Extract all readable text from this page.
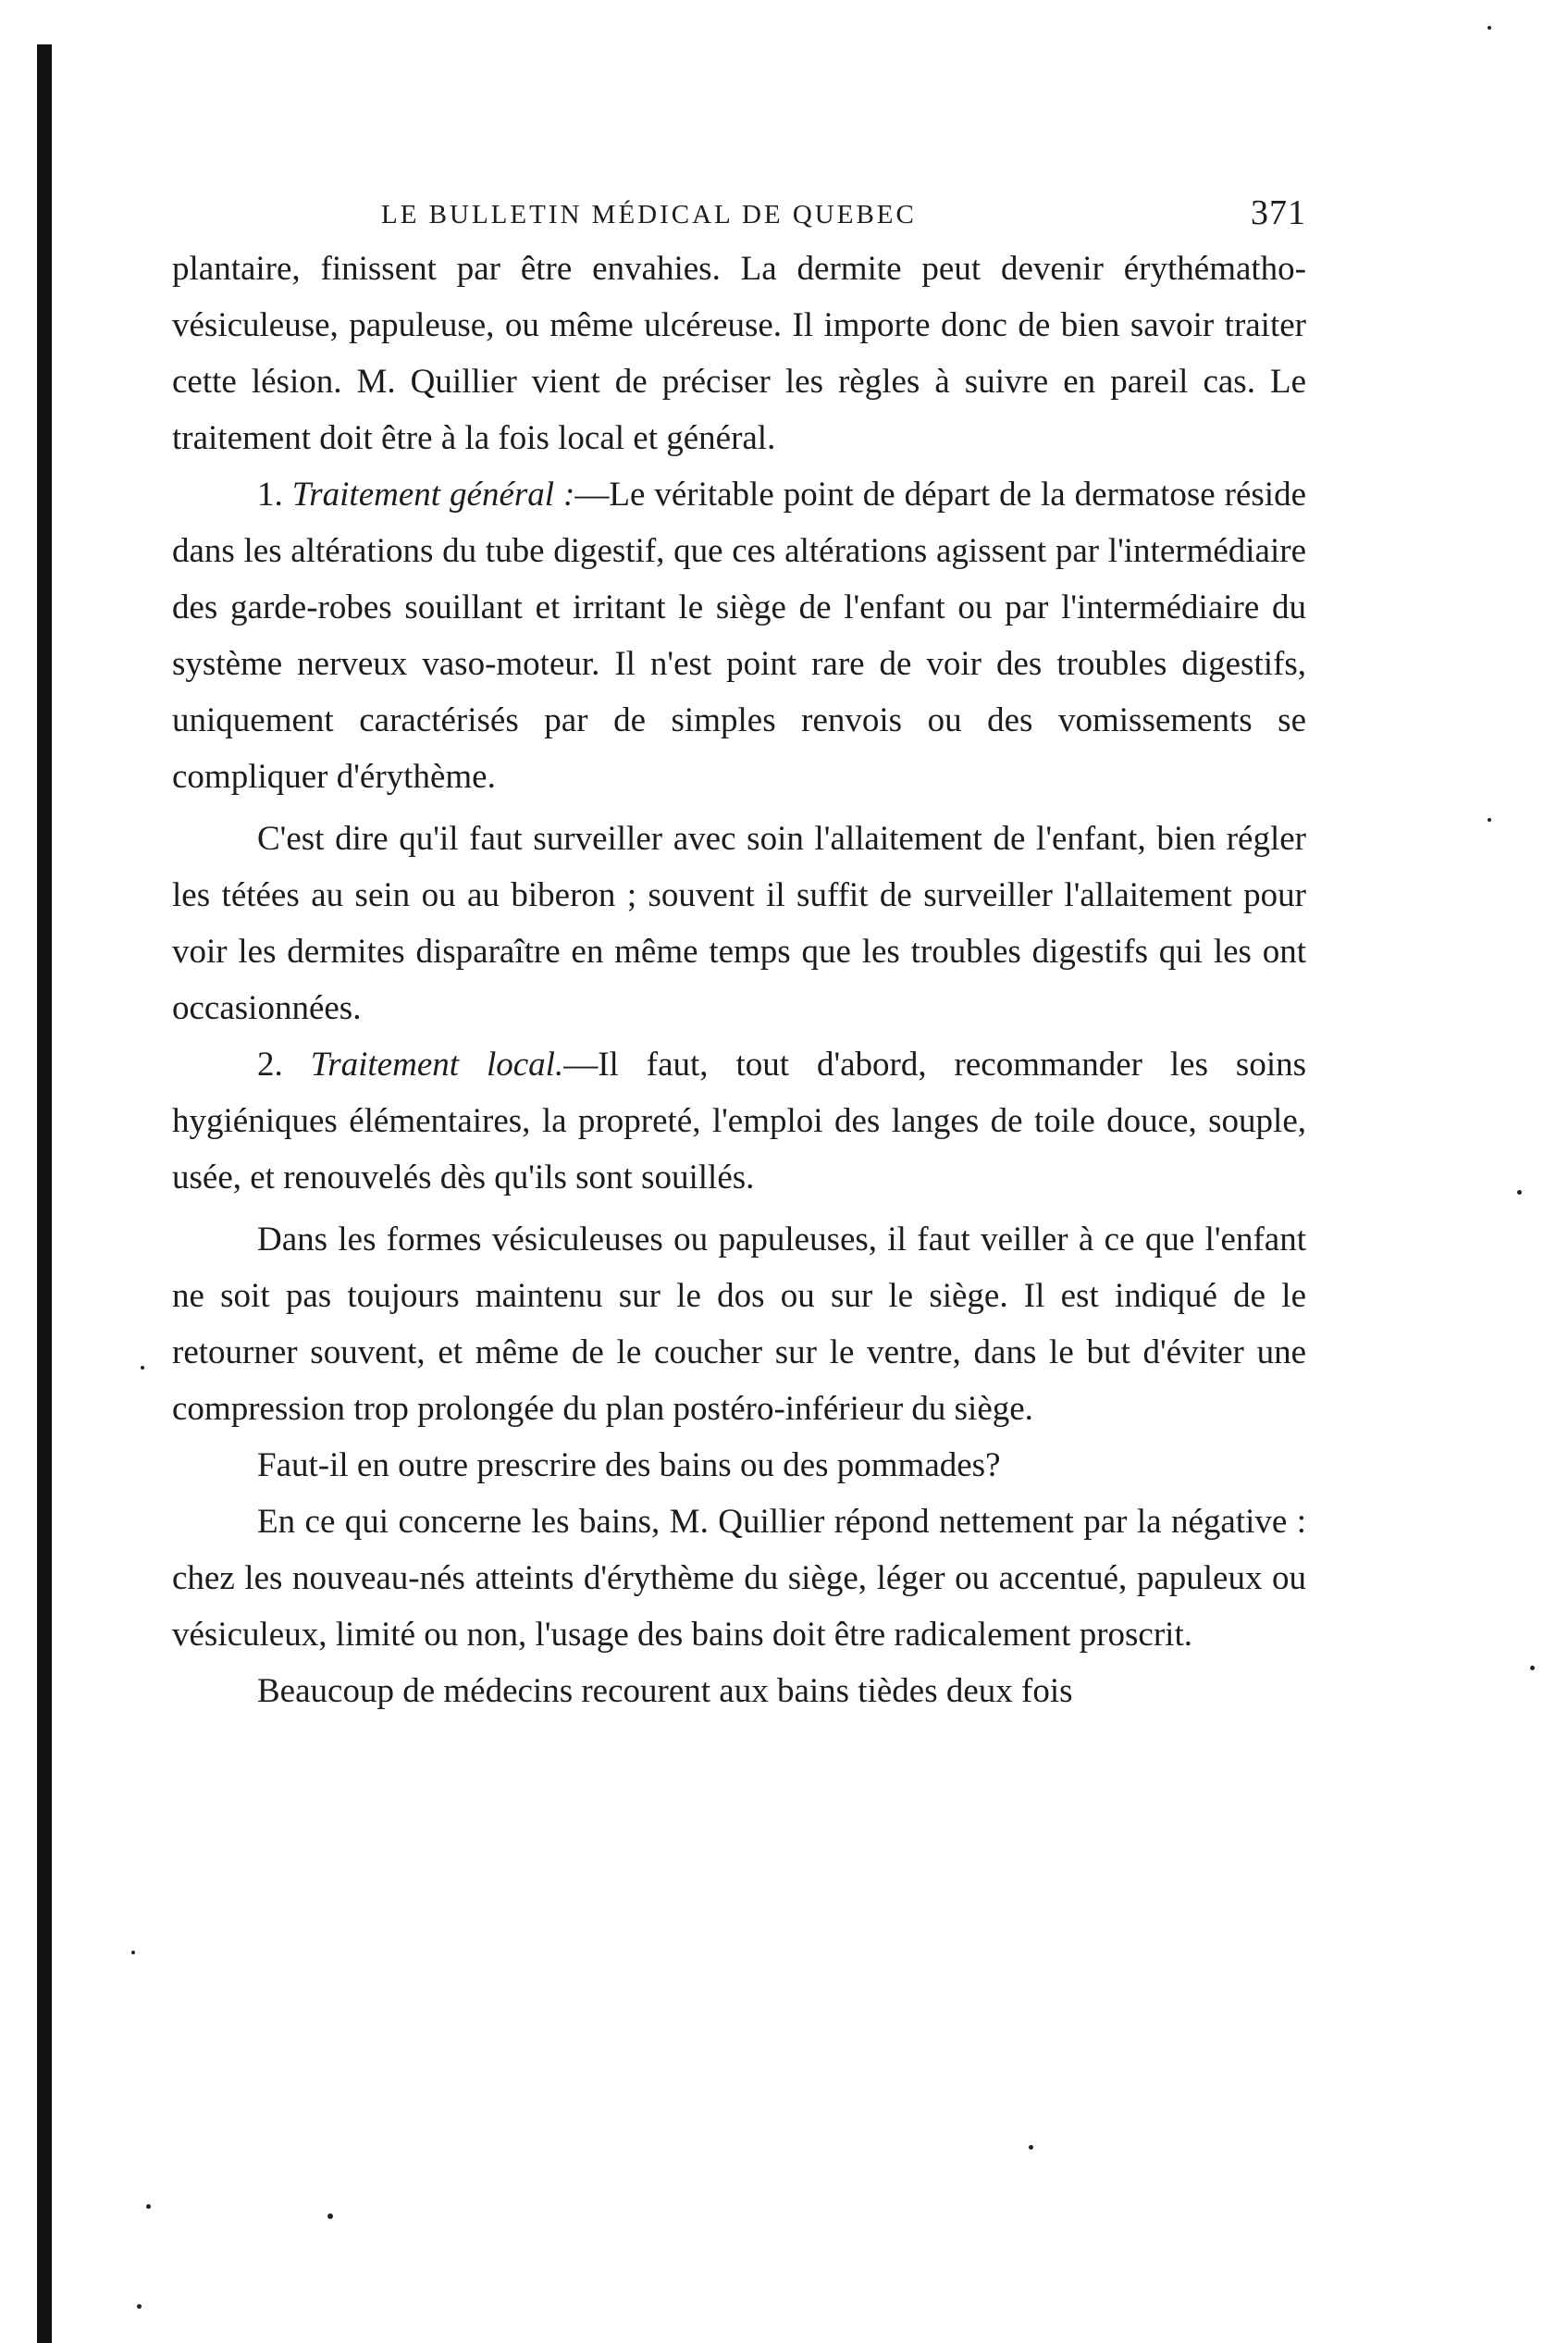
LE BULLETIN MÉDICAL DE QUEBEC	371

plantaire, finissent par être envahies. La dermite peut devenir érythématho-vésiculeuse, papuleuse, ou même ulcéreuse. Il importe donc de bien savoir traiter cette lésion. M. Quillier vient de préciser les règles à suivre en pareil cas. Le traitement doit être à la fois local et général.

1. Traitement général :—Le véritable point de départ de la dermatose réside dans les altérations du tube digestif, que ces altérations agissent par l'intermédiaire des garde-robes souillant et irritant le siège de l'enfant ou par l'intermédiaire du système nerveux vaso-moteur. Il n'est point rare de voir des troubles digestifs, uniquement caractérisés par de simples renvois ou des vomissements se compliquer d'érythème.

C'est dire qu'il faut surveiller avec soin l'allaitement de l'enfant, bien régler les tétées au sein ou au biberon ; souvent il suffit de surveiller l'allaitement pour voir les dermites disparaître en même temps que les troubles digestifs qui les ont occasionnées.

2. Traitement local.—Il faut, tout d'abord, recommander les soins hygiéniques élémentaires, la propreté, l'emploi des langes de toile douce, souple, usée, et renouvelés dès qu'ils sont souillés.

Dans les formes vésiculeuses ou papuleuses, il faut veiller à ce que l'enfant ne soit pas toujours maintenu sur le dos ou sur le siège. Il est indiqué de le retourner souvent, et même de le coucher sur le ventre, dans le but d'éviter une compression trop prolongée du plan postéro-inférieur du siège.

Faut-il en outre prescrire des bains ou des pommades?

En ce qui concerne les bains, M. Quillier répond nettement par la négative : chez les nouveau-nés atteints d'érythème du siège, léger ou accentué, papuleux ou vésiculeux, limité ou non, l'usage des bains doit être radicalement proscrit.

Beaucoup de médecins recourent aux bains tièdes deux fois
